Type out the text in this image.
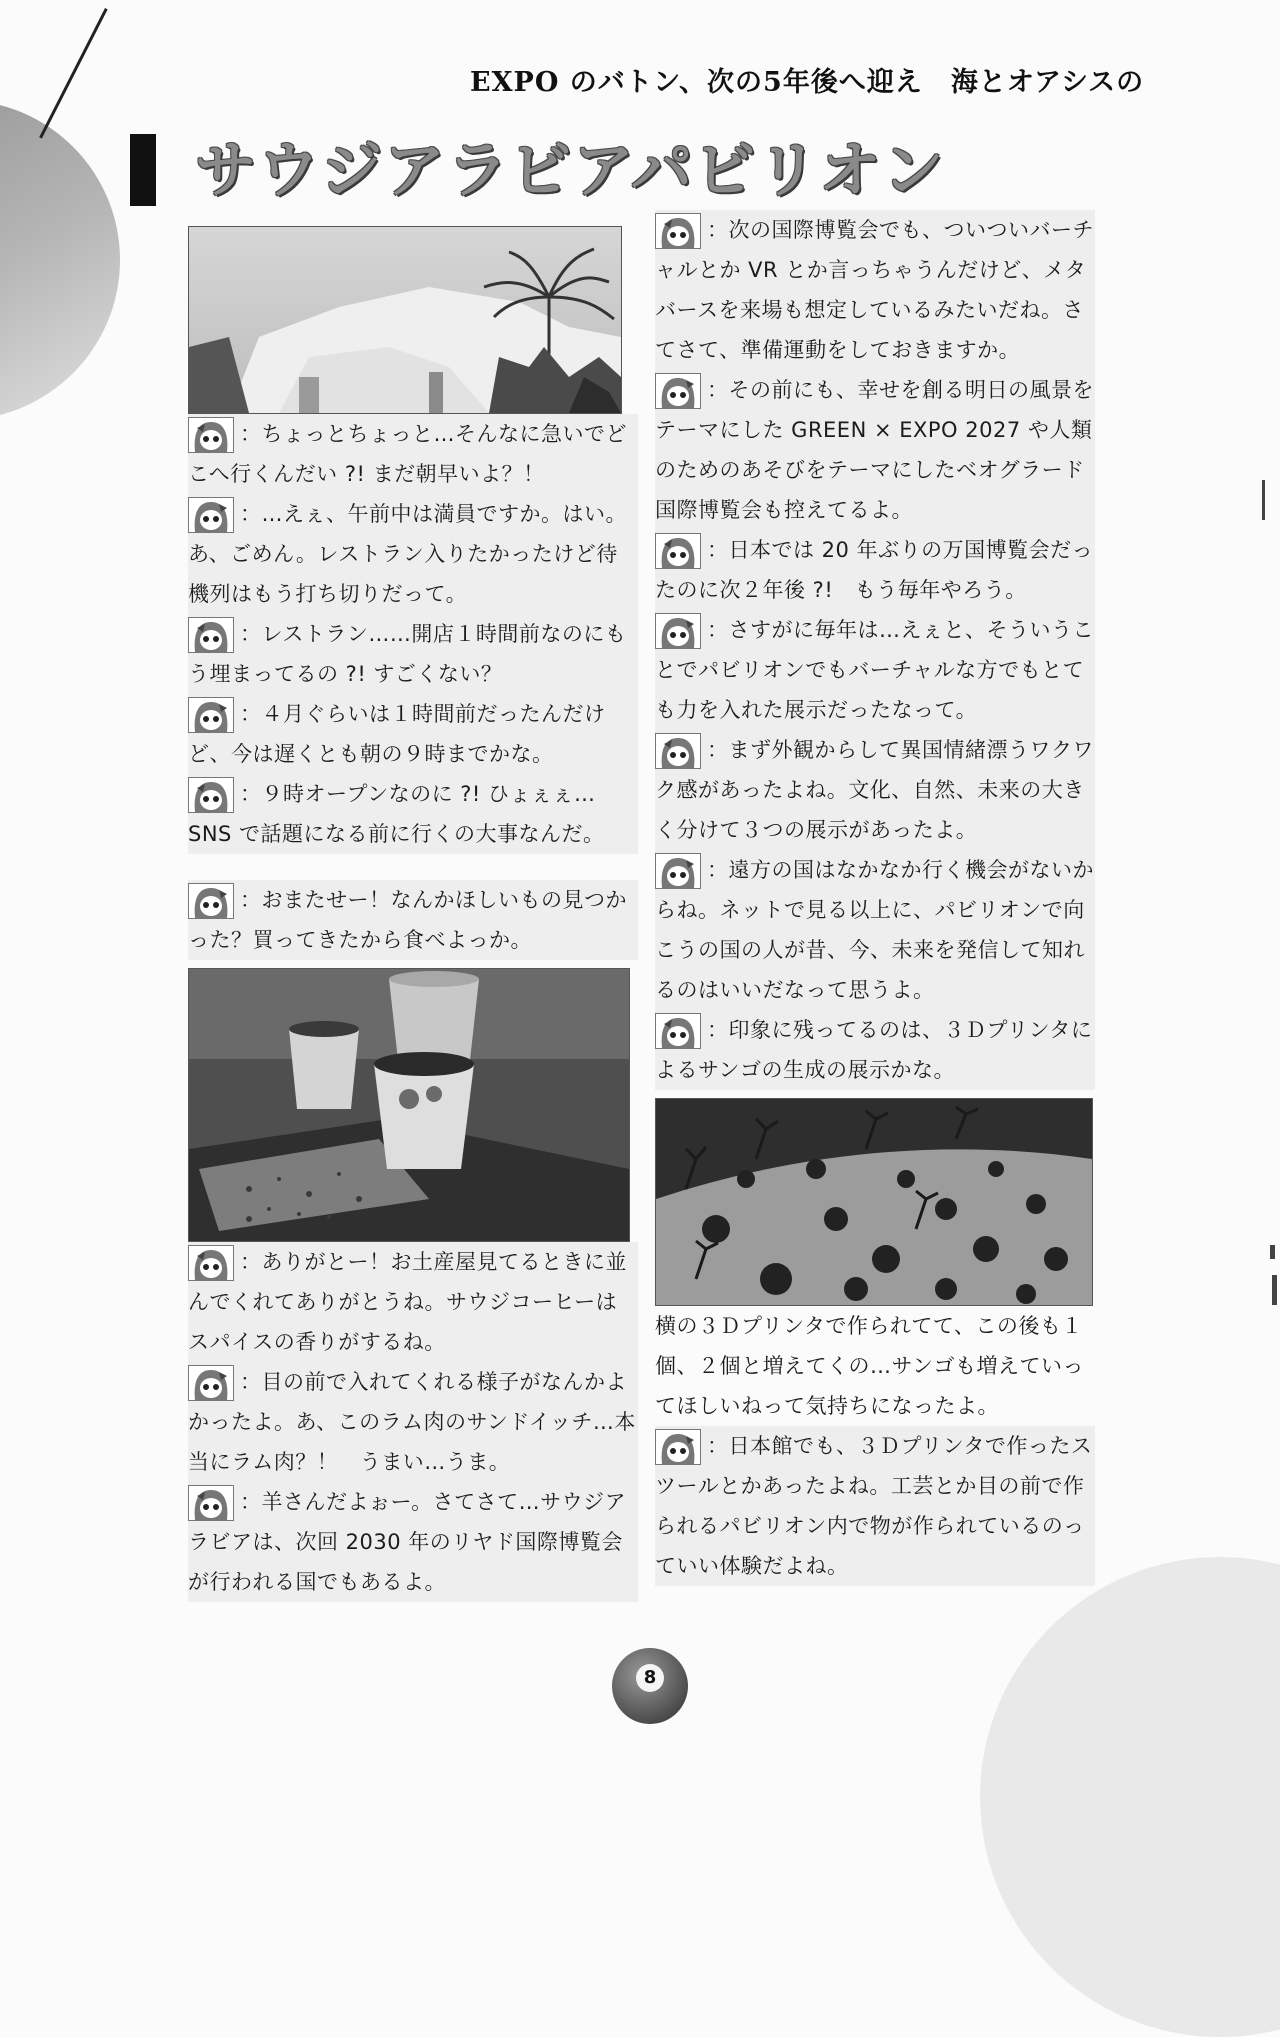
EXPO のバトン、次の5年後へ迎え　海とオアシスの
サウジアラビアパビリオン

：ちょっとちょっと…そんなに急いでどこへ行くんだい ?! まだ朝早いよ？！

：…えぇ、午前中は満員ですか。はい。あ、ごめん。レストラン入りたかったけど待機列はもう打ち切りだって。

：レストラン……開店１時間前なのにもう埋まってるの ?! すごくない？

：４月ぐらいは１時間前だったんだけど、今は遅くとも朝の９時までかな。

：９時オープンなのに ?! ひょぇぇ…SNS で話題になる前に行くの大事なんだ。

：おまたせー！なんかほしいもの見つかった？買ってきたから食べよっか。

：ありがとー！お土産屋見てるときに並んでくれてありがとうね。サウジコーヒーはスパイスの香りがするね。

：目の前で入れてくれる様子がなんかよかったよ。あ、このラム肉のサンドイッチ…本当にラム肉？！　うまい…うま。

：羊さんだよぉー。さてさて…サウジアラビアは、次回 2030 年のリヤド国際博覧会が行われる国でもあるよ。

：次の国際博覧会でも、ついついバーチャルとか VR とか言っちゃうんだけど、メタバースを来場も想定しているみたいだね。さてさて、準備運動をしておきますか。

：その前にも、幸せを創る明日の風景をテーマにした GREEN × EXPO 2027 や人類のためのあそびをテーマにしたベオグラード国際博覧会も控えてるよ。

：日本では 20 年ぶりの万国博覧会だったのに次２年後 ?!　もう毎年やろう。

：さすがに毎年は…えぇと、そういうことでパビリオンでもバーチャルな方でもとても力を入れた展示だったなって。

：まず外観からして異国情緒漂うワクワク感があったよね。文化、自然、未来の大きく分けて３つの展示があったよ。

：遠方の国はなかなか行く機会がないからね。ネットで見る以上に、パビリオンで向こうの国の人が昔、今、未来を発信して知れるのはいいだなって思うよ。

：印象に残ってるのは、３Ｄプリンタによるサンゴの生成の展示かな。

横の３Ｄプリンタで作られてて、この後も１個、２個と増えてくの…サンゴも増えていってほしいねって気持ちになったよ。

：日本館でも、３Ｄプリンタで作ったスツールとかあったよね。工芸とか目の前で作られるパビリオン内で物が作られているのっていい体験だよね。

8
